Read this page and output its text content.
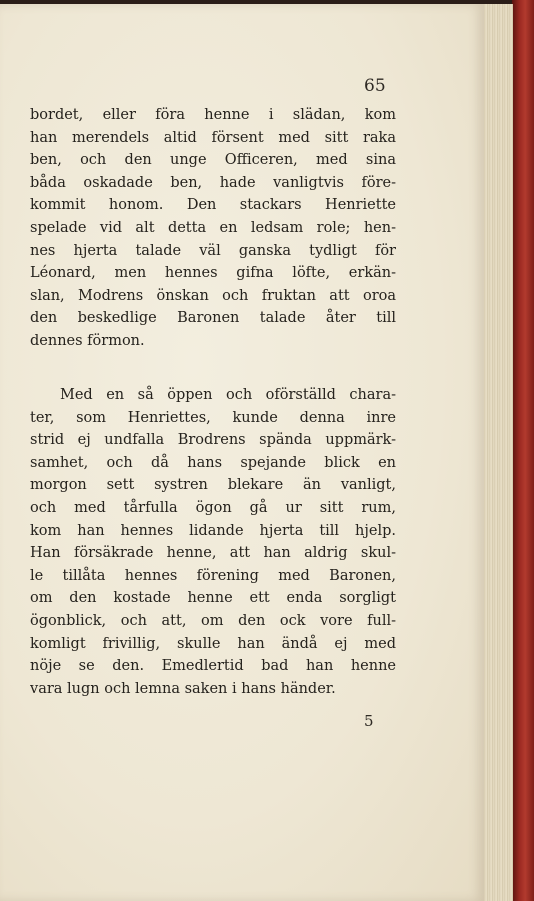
65
bordet, eller föra henne i slädan, kom
han merendels altid försent med sitt raka
ben, och den unge Officeren, med sina
båda oskadade ben, hade vanligtvis före-
kommit honom. Den stackars Henriette
spelade vid alt detta en ledsam role; hen-
nes hjerta talade väl ganska tydligt för
Léonard, men hennes gifna löfte, erkän-
slan, Modrens önskan och fruktan att oroa
den beskedlige Baronen talade åter till
dennes förmon.
Med en så öppen och oförställd chara-
ter, som Henriettes, kunde denna inre
strid ej undfalla Brodrens spända uppmärk-
samhet, och då hans spejande blick en
morgon sett systren blekare än vanligt,
och med tårfulla ögon gå ur sitt rum,
kom han hennes lidande hjerta till hjelp.
Han försäkrade henne, att han aldrig skul-
le tillåta hennes förening med Baronen,
om den kostade henne ett enda sorgligt
ögonblick, och att, om den ock vore full-
komligt frivillig, skulle han ändå ej med
nöje se den. Emedlertid bad han henne
vara lugn och lemna saken i hans händer.
5
